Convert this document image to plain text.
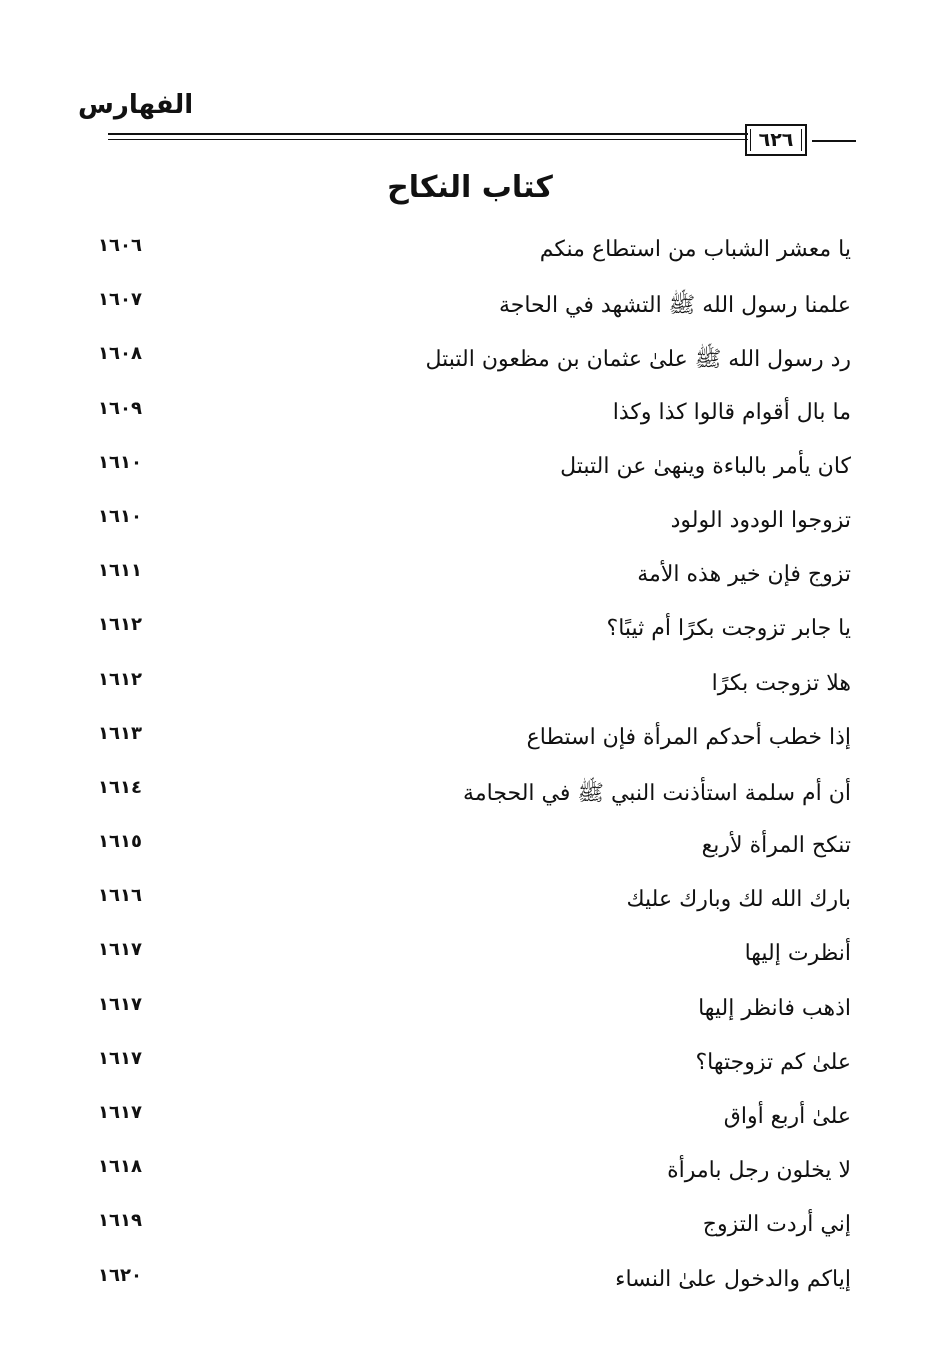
الفهارس
٦٢٦
كتاب النكاح
يا معشر الشباب من استطاع منكم
١٦٠٦
علمنا رسول الله ﷺ التشهد في الحاجة
١٦٠٧
رد رسول الله ﷺ علىٰ عثمان بن مظعون التبتل
١٦٠٨
ما بال أقوام قالوا كذا وكذا
١٦٠٩
كان يأمر بالباءة وينهىٰ عن التبتل
١٦١٠
تزوجوا الودود الولود
١٦١٠
تزوج فإن خير هذه الأمة
١٦١١
يا جابر تزوجت بكرًا أم ثيبًا؟
١٦١٢
هلا تزوجت بكرًا
١٦١٢
إذا خطب أحدكم المرأة فإن استطاع
١٦١٣
أن أم سلمة استأذنت النبي ﷺ في الحجامة
١٦١٤
تنكح المرأة لأربع
١٦١٥
بارك الله لك وبارك عليك
١٦١٦
أنظرت إليها
١٦١٧
اذهب فانظر إليها
١٦١٧
علىٰ كم تزوجتها؟
١٦١٧
علىٰ أربع أواق
١٦١٧
لا يخلون رجل بامرأة
١٦١٨
إني أردت التزوج
١٦١٩
إياكم والدخول علىٰ النساء
١٦٢٠
